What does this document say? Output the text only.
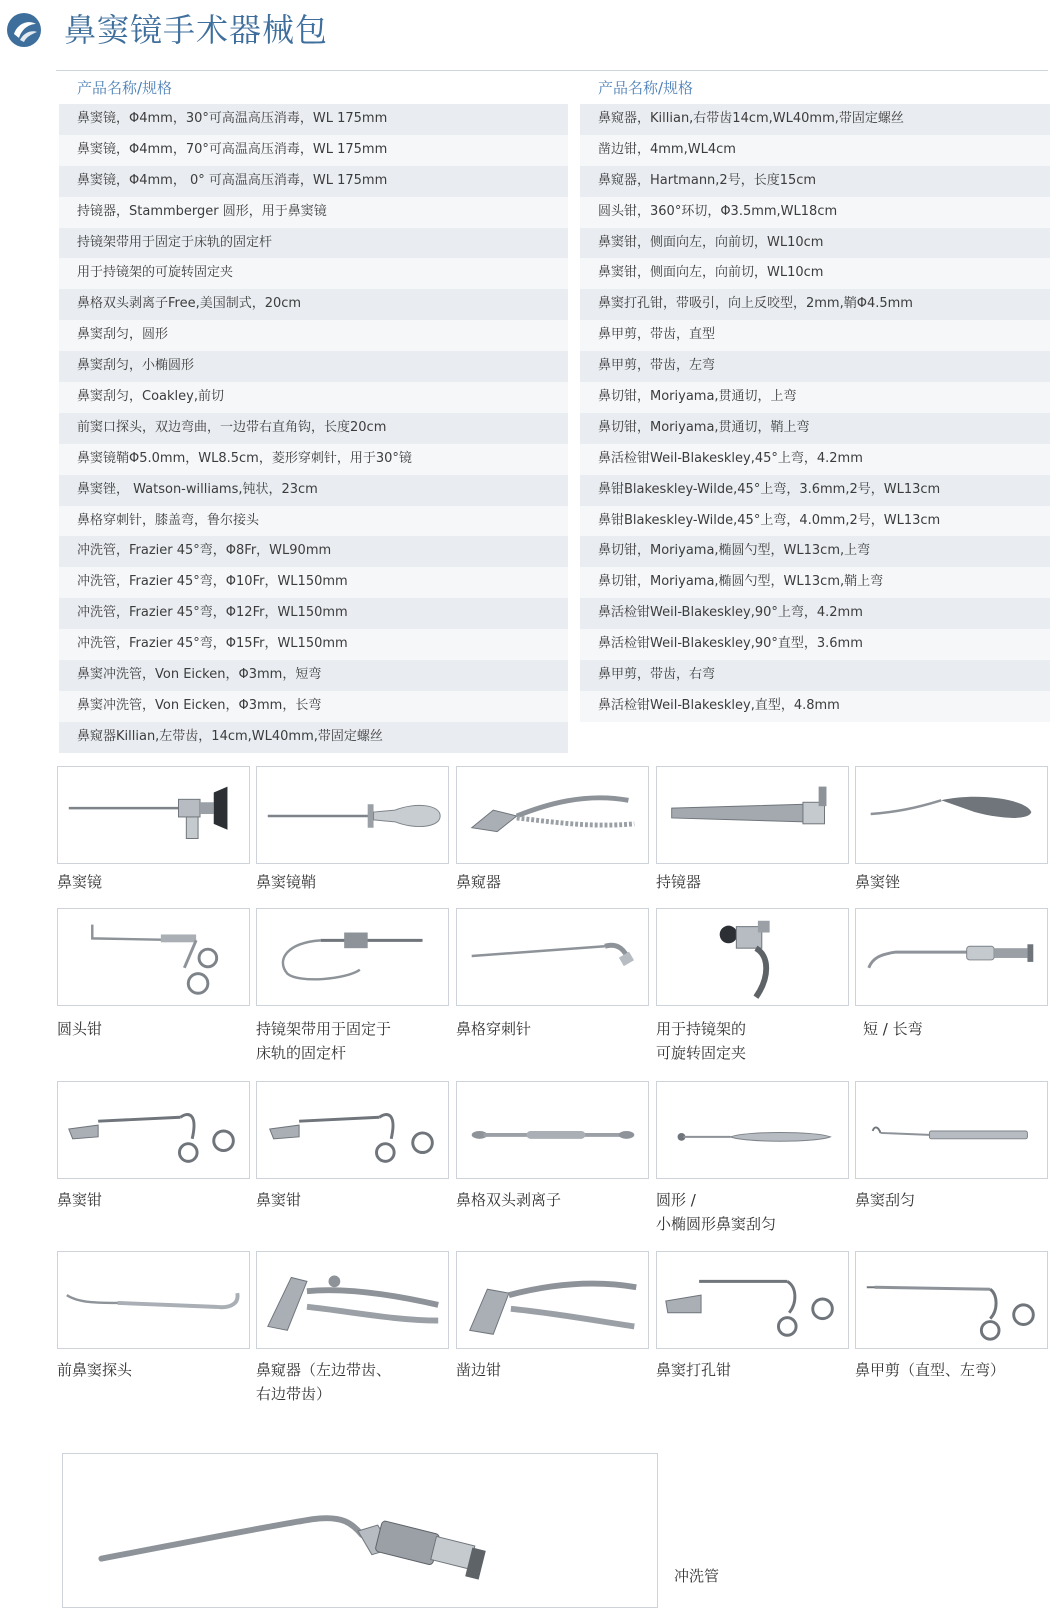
鼻窦镜手术器械包
产品名称/规格
鼻窦镜，Φ4mm，30°可高温高压消毒，WL 175mm
鼻窦镜，Φ4mm，70°可高温高压消毒，WL 175mm
鼻窦镜，Φ4mm， 0° 可高温高压消毒，WL 175mm
持镜器，Stammberger 圆形，用于鼻窦镜
持镜架带用于固定于床轨的固定杆
用于持镜架的可旋转固定夹
鼻格双头剥离子Free,美国制式，20cm
鼻窦刮匀，圆形
鼻窦刮匀，小椭圆形
鼻窦刮匀，Coakley,前切
前窦口探头，双边弯曲，一边带右直角钩，长度20cm
鼻窦镜鞘Φ5.0mm，WL8.5cm，菱形穿刺针，用于30°镜
鼻窦锉， Watson-williams,钝状，23cm
鼻格穿刺针，膝盖弯，鲁尔接头
冲洗管，Frazier 45°弯，Φ8Fr，WL90mm
冲洗管，Frazier 45°弯，Φ10Fr，WL150mm
冲洗管，Frazier 45°弯，Φ12Fr，WL150mm
冲洗管，Frazier 45°弯，Φ15Fr，WL150mm
鼻窦冲洗管，Von Eicken，Φ3mm，短弯
鼻窦冲洗管，Von Eicken，Φ3mm，长弯
鼻窥器Killian,左带齿，14cm,WL40mm,带固定螺丝
产品名称/规格
鼻窥器，Killian,右带齿14cm,WL40mm,带固定螺丝
凿边钳，4mm,WL4cm
鼻窥器，Hartmann,2号，长度15cm
圆头钳，360°环切，Φ3.5mm,WL18cm
鼻窦钳，侧面向左，向前切，WL10cm
鼻窦钳，侧面向左，向前切，WL10cm
鼻窦打孔钳，带吸引，向上反咬型，2mm,鞘Φ4.5mm
鼻甲剪，带齿，直型
鼻甲剪，带齿，左弯
鼻切钳，Moriyama,贯通切，上弯
鼻切钳，Moriyama,贯通切，鞘上弯
鼻活检钳Weil-Blakeskley,45°上弯，4.2mm
鼻钳Blakeskley-Wilde,45°上弯，3.6mm,2号，WL13cm
鼻钳Blakeskley-Wilde,45°上弯，4.0mm,2号，WL13cm
鼻切钳，Moriyama,椭圆勺型，WL13cm,上弯
鼻切钳，Moriyama,椭圆勺型，WL13cm,鞘上弯
鼻活检钳Weil-Blakeskley,90°上弯，4.2mm
鼻活检钳Weil-Blakeskley,90°直型，3.6mm
鼻甲剪，带齿，右弯
鼻活检钳Weil-Blakeskley,直型，4.8mm
鼻窦镜	鼻窦镜鞘	鼻窥器	持镜器	鼻窦锉
圆头钳	持镜架带用于固定于
床轨的固定杆
鼻格穿刺针	用于持镜架的
可旋转固定夹
短 / 长弯
鼻窦钳	鼻窦钳	鼻格双头剥离子	圆形 /
小椭圆形鼻窦刮匀
鼻窦刮匀
前鼻窦探头	鼻窥器（左边带齿、
右边带齿）
凿边钳	鼻窦打孔钳	鼻甲剪（直型、左弯）
冲洗管
